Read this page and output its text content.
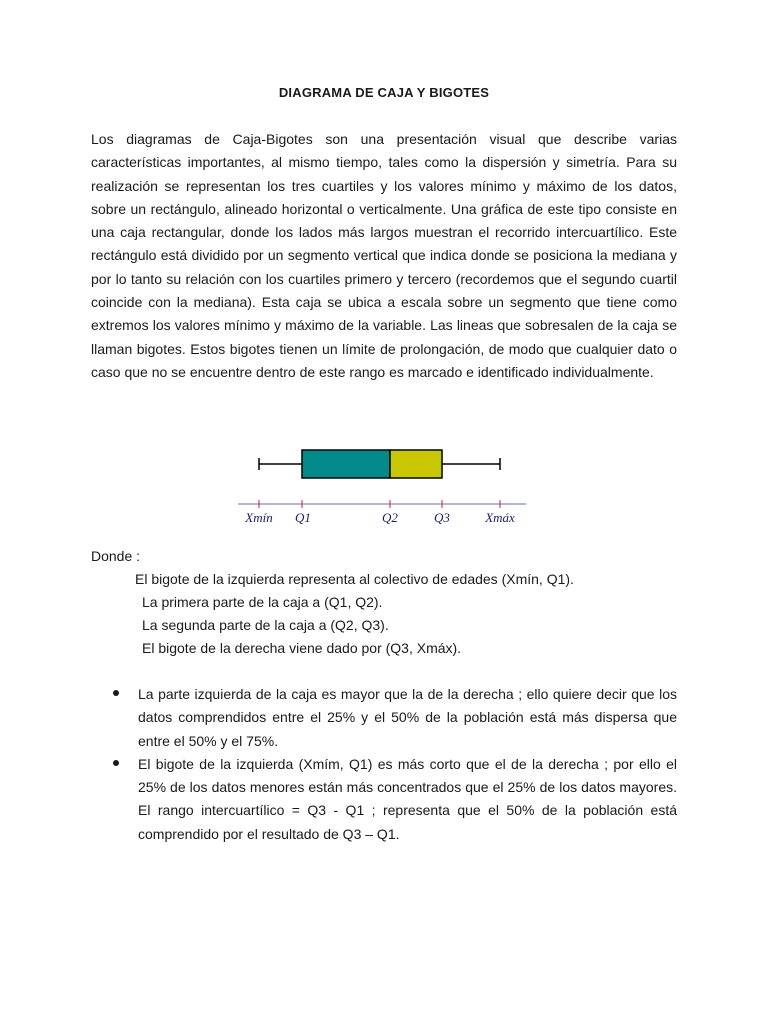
DIAGRAMA DE CAJA Y BIGOTES

Los diagramas de Caja-Bigotes son una presentación visual que describe varias características importantes, al mismo tiempo, tales como la dispersión y simetría. Para su realización se representan los tres cuartiles y los valores mínimo y máximo de los datos, sobre un rectángulo, alineado horizontal o verticalmente. Una gráfica de este tipo consiste en una caja rectangular, donde los lados más largos muestran el recorrido intercuartílico. Este rectángulo está dividido por un segmento vertical que indica donde se posiciona la mediana y por lo tanto su relación con los cuartiles primero y tercero (recordemos que el segundo cuartil coincide con la mediana). Esta caja se ubica a escala sobre un segmento que tiene como extremos los valores mínimo y máximo de la variable. Las lineas que sobresalen de la caja se llaman bigotes. Estos bigotes tienen un límite de prolongación, de modo que cualquier dato o caso que no se encuentre dentro de este rango es marcado e identificado individualmente.

Xmín Q1	Q2	Q3	Xmáx

Donde :

El bigote de la izquierda representa al colectivo de edades (Xmín, Q1).

La primera parte de la caja a (Q1, Q2).

La segunda parte de la caja a (Q2, Q3).

El bigote de la derecha viene dado por (Q3, Xmáx).

La parte izquierda de la caja es mayor que la de la derecha ; ello quiere decir que los datos comprendidos entre el 25% y el 50% de la población está más dispersa que entre el 50% y el 75%.
El bigote de la izquierda (Xmím, Q1) es más corto que el de la derecha ; por ello el 25% de los datos menores están más concentrados que el 25% de los datos mayores. El rango intercuartílico = Q3 - Q1 ; representa que el 50% de la población está comprendido por el resultado de Q3 – Q1.
